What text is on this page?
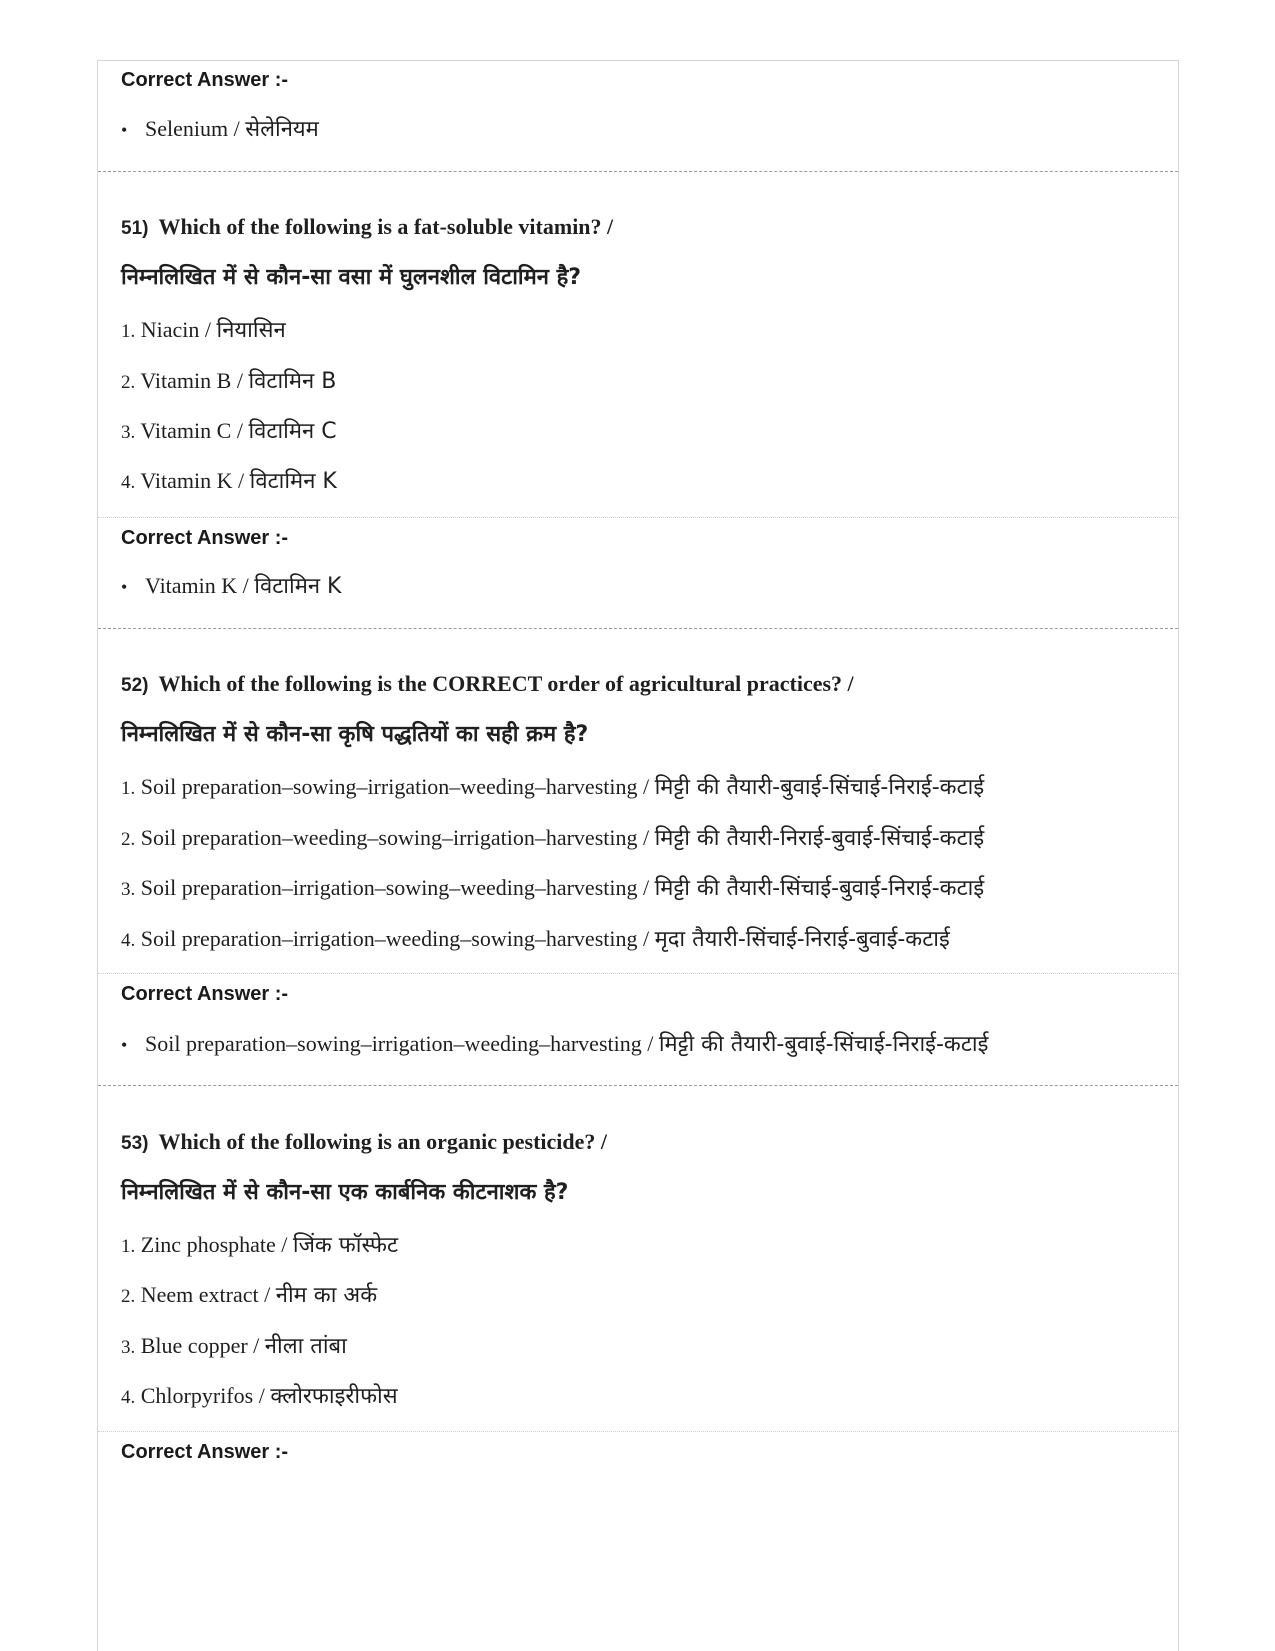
Correct Answer :-
• Selenium / सेलेनियम
51) Which of the following is a fat-soluble vitamin? /
निम्नलिखित में से कौन-सा वसा में घुलनशील विटामिन है?
1. Niacin / नियासिन
2. Vitamin B / विटामिन B
3. Vitamin C / विटामिन C
4. Vitamin K / विटामिन K
Correct Answer :-
• Vitamin K / विटामिन K
52) Which of the following is the CORRECT order of agricultural practices? /
निम्नलिखित में से कौन-सा कृषि पद्धतियों का सही क्रम है?
1. Soil preparation–sowing–irrigation–weeding–harvesting / मिट्टी की तैयारी-बुवाई-सिंचाई-निराई-कटाई
2. Soil preparation–weeding–sowing–irrigation–harvesting / मिट्टी की तैयारी-निराई-बुवाई-सिंचाई-कटाई
3. Soil preparation–irrigation–sowing–weeding–harvesting / मिट्टी की तैयारी-सिंचाई-बुवाई-निराई-कटाई
4. Soil preparation–irrigation–weeding–sowing–harvesting / मृदा तैयारी-सिंचाई-निराई-बुवाई-कटाई
Correct Answer :-
• Soil preparation–sowing–irrigation–weeding–harvesting / मिट्टी की तैयारी-बुवाई-सिंचाई-निराई-कटाई
53) Which of the following is an organic pesticide? /
निम्नलिखित में से कौन-सा एक कार्बनिक कीटनाशक है?
1. Zinc phosphate / जिंक फॉस्फेट
2. Neem extract / नीम का अर्क
3. Blue copper / नीला तांबा
4. Chlorpyrifos / क्लोरफाइरीफोस
Correct Answer :-
